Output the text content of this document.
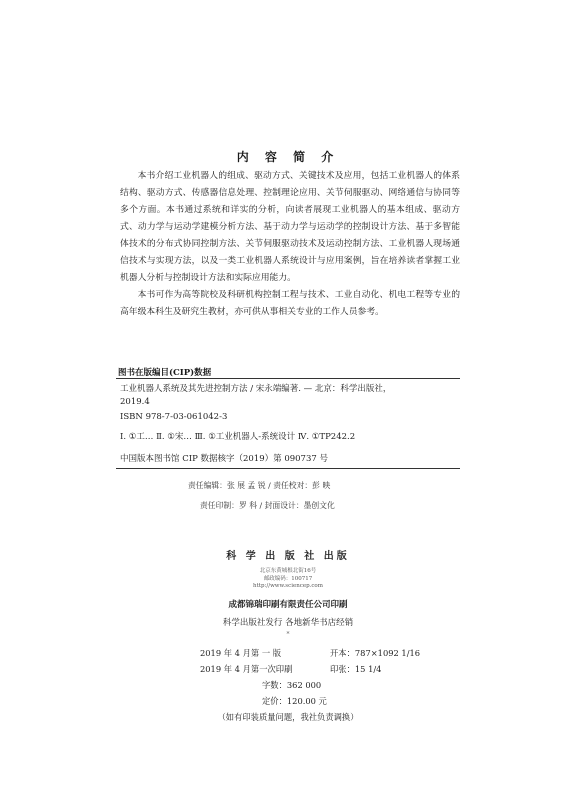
内 容 简 介

本书介绍工业机器人的组成、驱动方式、关键技术及应用，包括工业机器人的体系结构、驱动方式、传感器信息处理、控制理论应用、关节伺服驱动、网络通信与协同等多个方面。本书通过系统和详实的分析，向读者展现工业机器人的基本组成、驱动方式、动力学与运动学建模分析方法、基于动力学与运动学的控制设计方法、基于多智能体技术的分布式协同控制方法、关节伺服驱动技术及运动控制方法、工业机器人现场通信技术与实现方法，以及一类工业机器人系统设计与应用案例，旨在培养读者掌握工业机器人分析与控制设计方法和实际应用能力。

本书可作为高等院校及科研机构控制工程与技术、工业自动化、机电工程等专业的高年级本科生及研究生教材，亦可供从事相关专业的工作人员参考。

图书在版编目(CIP)数据
工业机器人系统及其先进控制方法 / 宋永端编著. — 北京：科学出版社，
2019.4
ISBN 978-7-03-061042-3
Ⅰ. ①工… Ⅱ. ①宋… Ⅲ. ①工业机器人-系统设计 Ⅳ. ①TP242.2
中国版本图书馆 CIP 数据核字（2019）第 090737 号
责任编辑：张 展 孟 锐 / 责任校对：彭 映
责任印制：罗 科 / 封面设计：墨创文化
科 学 出 版 社 出版
北京东黄城根北街16号
邮政编码：100717
http://www.sciencep.com
成都锦瑞印刷有限责任公司印刷
科学出版社发行 各地新华书店经销
*
2019 年 4 月第 一 版	开本：787×1092 1/16
2019 年 4 月第一次印刷	印张：15 1/4
字数：362 000
定价：120.00 元
（如有印装质量问题，我社负责调换）
